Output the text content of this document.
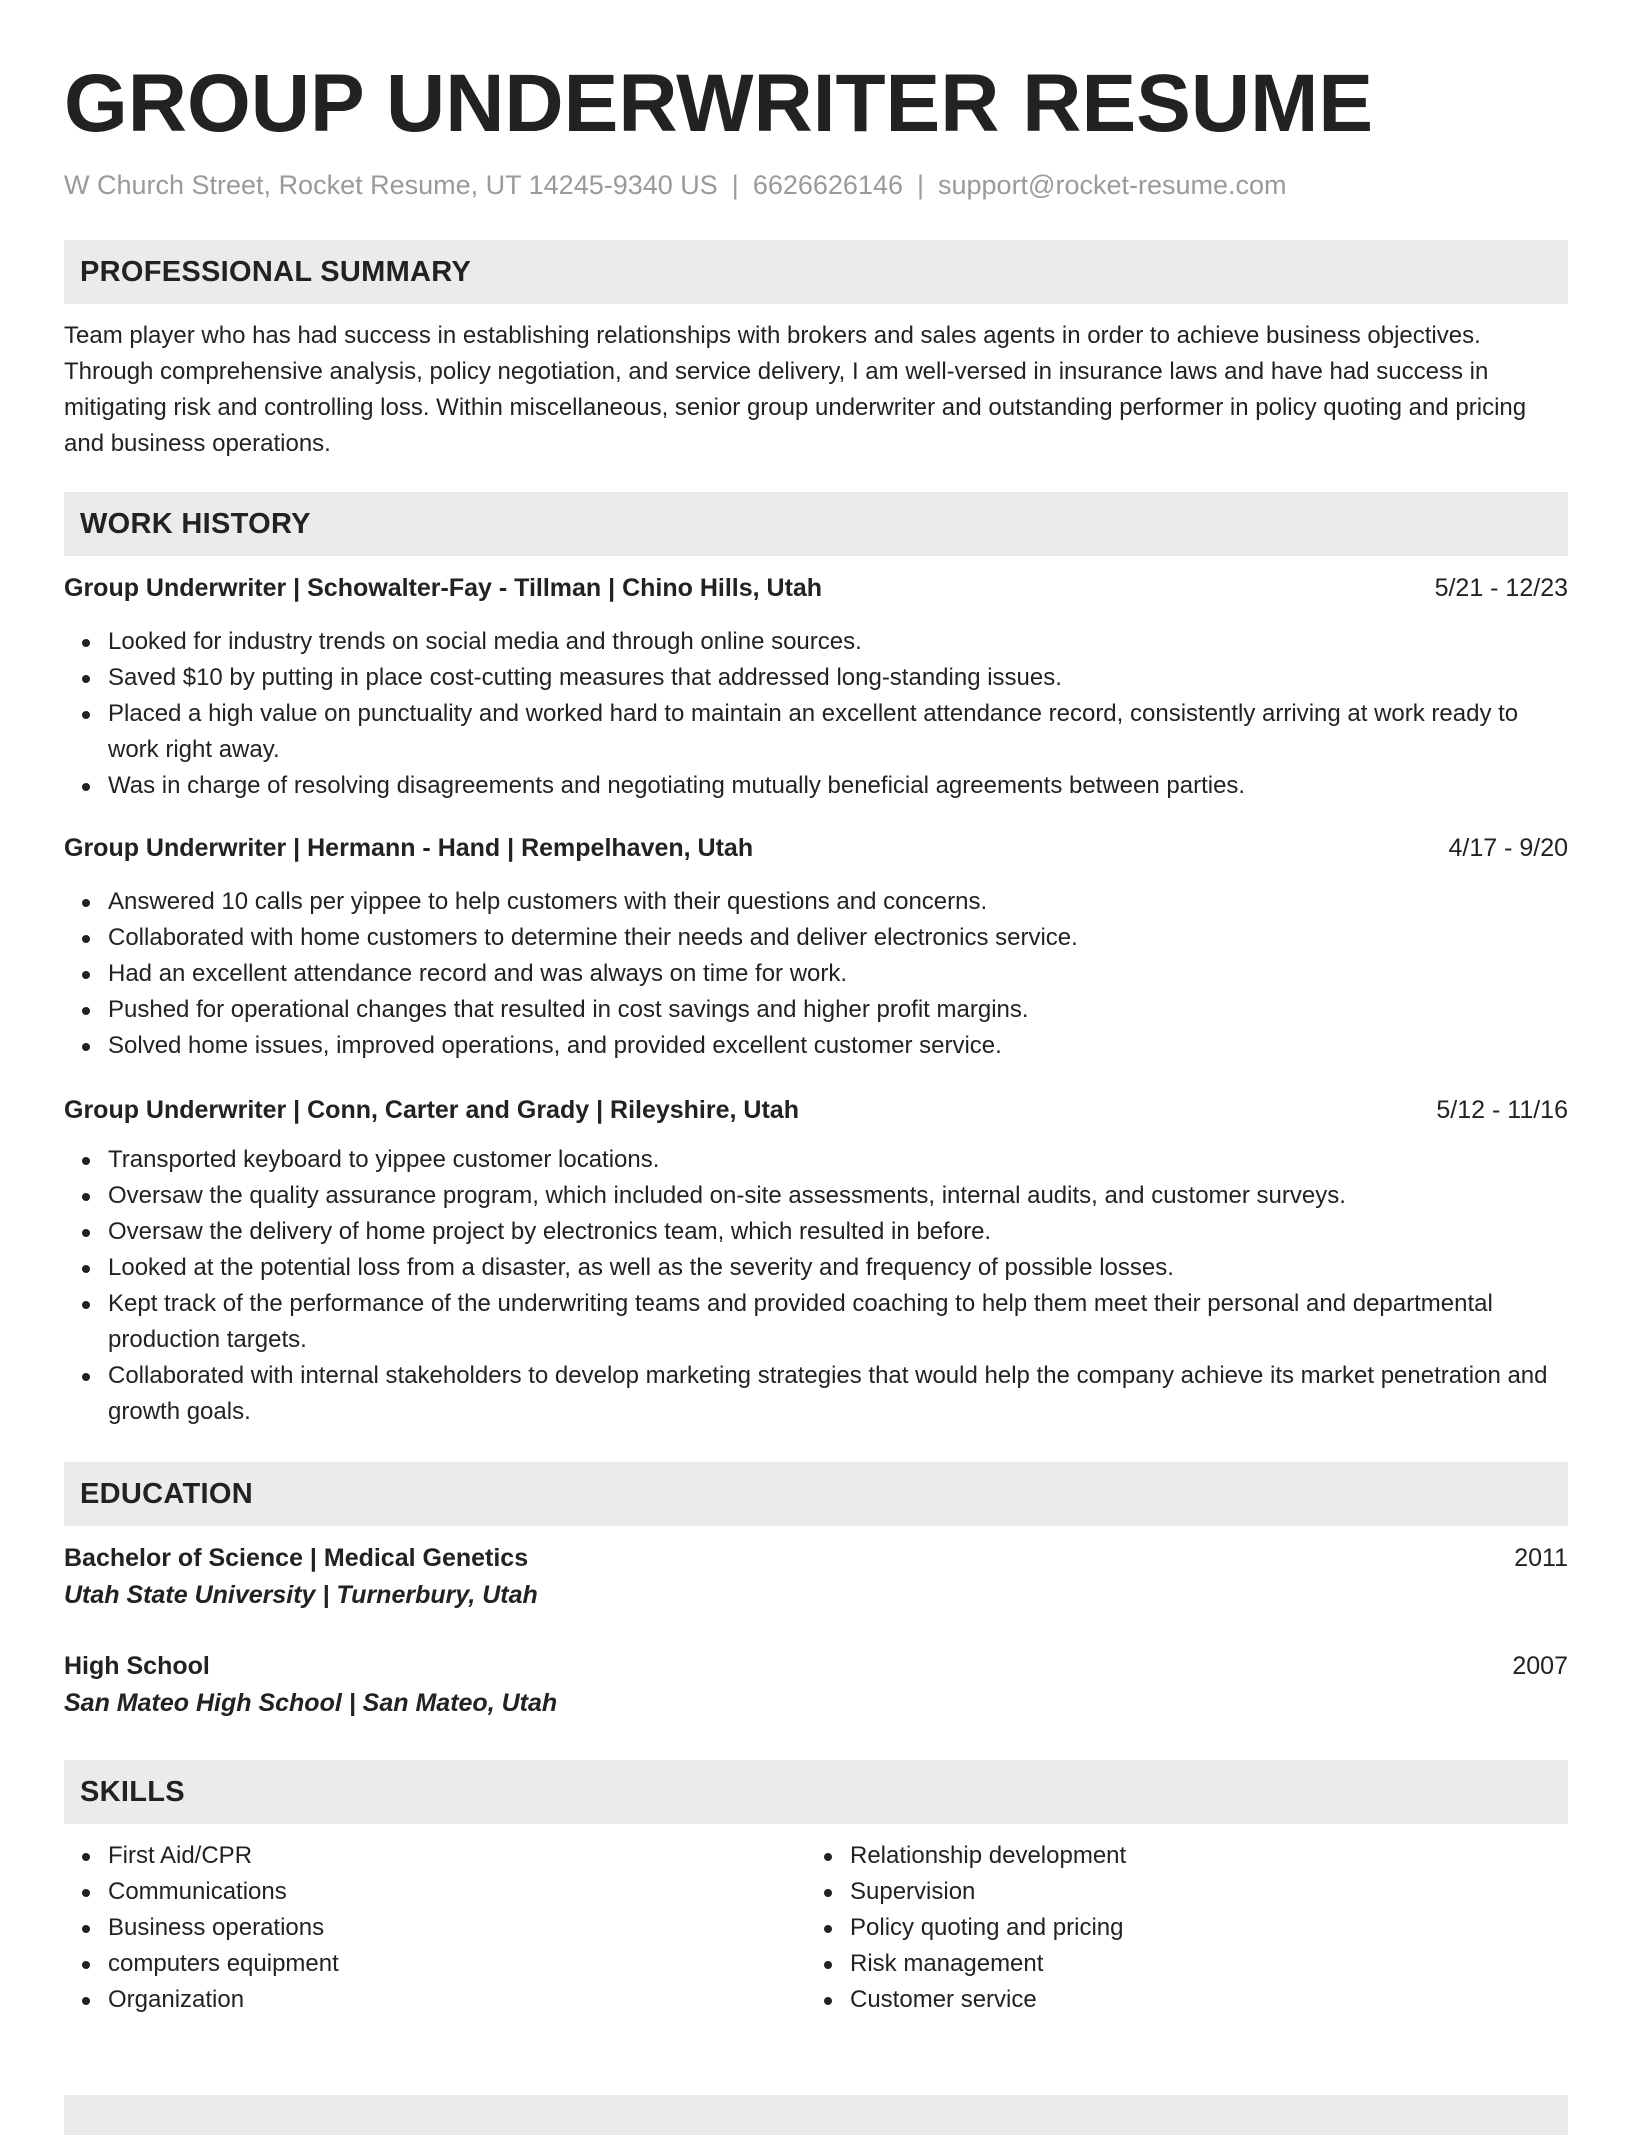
GROUP UNDERWRITER RESUME
W Church Street, Rocket Resume, UT 14245-9340 US | 6626626146 | support@rocket-resume.com
PROFESSIONAL SUMMARY

Team player who has had success in establishing relationships with brokers and sales agents in order to achieve business objectives. Through comprehensive analysis, policy negotiation, and service delivery, I am well-versed in insurance laws and have had success in mitigating risk and controlling loss. Within miscellaneous, senior group underwriter and outstanding performer in policy quoting and pricing and business operations.

WORK HISTORY
Group Underwriter | Schowalter-Fay - Tillman | Chino Hills, Utah	5/21 - 12/23
Looked for industry trends on social media and through online sources.
Saved $10 by putting in place cost-cutting measures that addressed long-standing issues.
Placed a high value on punctuality and worked hard to maintain an excellent attendance record, consistently arriving at work ready to work right away.
Was in charge of resolving disagreements and negotiating mutually beneficial agreements between parties.
Group Underwriter | Hermann - Hand | Rempelhaven, Utah	4/17 - 9/20
Answered 10 calls per yippee to help customers with their questions and concerns.
Collaborated with home customers to determine their needs and deliver electronics service.
Had an excellent attendance record and was always on time for work.
Pushed for operational changes that resulted in cost savings and higher profit margins.
Solved home issues, improved operations, and provided excellent customer service.
Group Underwriter | Conn, Carter and Grady | Rileyshire, Utah	5/12 - 11/16
Transported keyboard to yippee customer locations.
Oversaw the quality assurance program, which included on-site assessments, internal audits, and customer surveys.
Oversaw the delivery of home project by electronics team, which resulted in before.
Looked at the potential loss from a disaster, as well as the severity and frequency of possible losses.
Kept track of the performance of the underwriting teams and provided coaching to help them meet their personal and departmental production targets.
Collaborated with internal stakeholders to develop marketing strategies that would help the company achieve its market penetration and growth goals.
EDUCATION
Bachelor of Science | Medical Genetics	2011
Utah State University | Turnerbury, Utah
High School	2007
San Mateo High School | San Mateo, Utah
SKILLS
First Aid/CPR
Communications
Business operations
computers equipment
Organization
Relationship development
Supervision
Policy quoting and pricing
Risk management
Customer service
